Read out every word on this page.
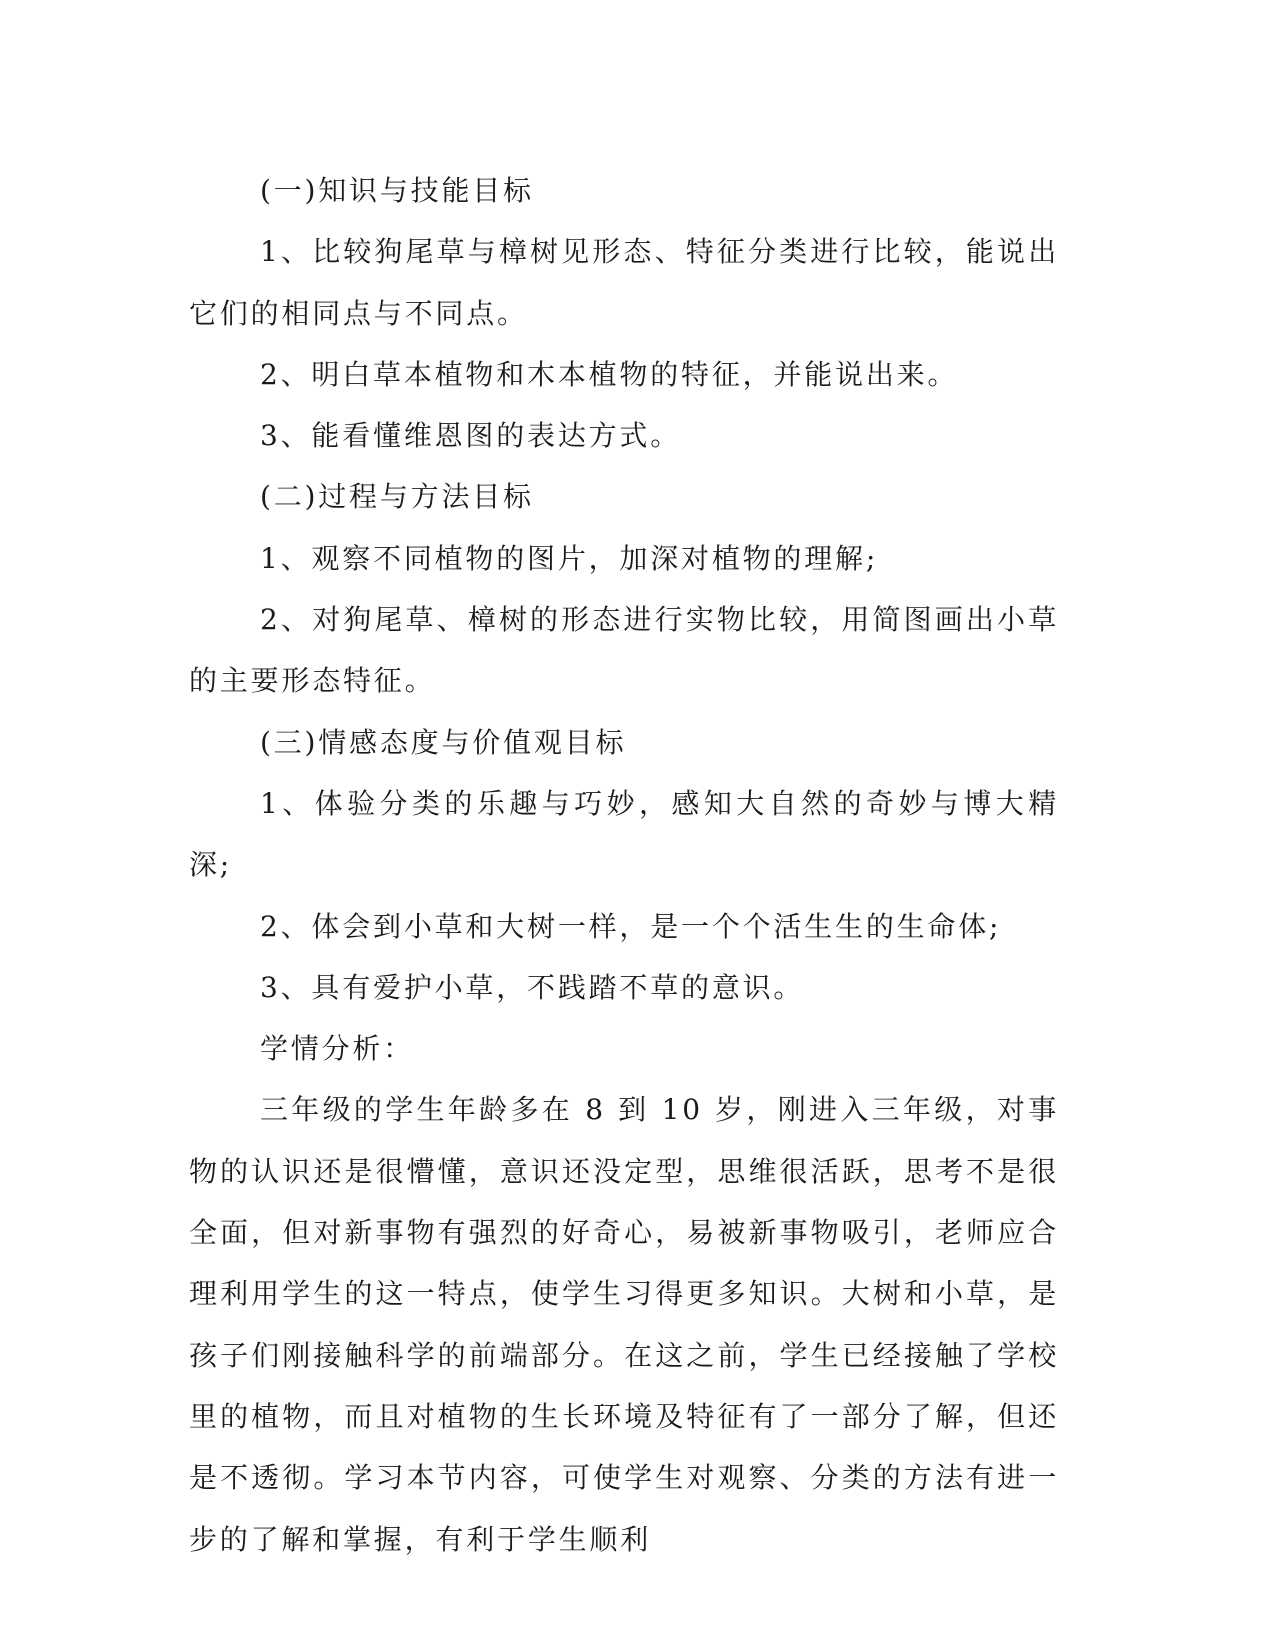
(一)知识与技能目标

1、比较狗尾草与樟树见形态、特征分类进行比较，能说出它们的相同点与不同点。

2、明白草本植物和木本植物的特征，并能说出来。

3、能看懂维恩图的表达方式。

(二)过程与方法目标

1、观察不同植物的图片，加深对植物的理解;

2、对狗尾草、樟树的形态进行实物比较，用简图画出小草的主要形态特征。

(三)情感态度与价值观目标

1、体验分类的乐趣与巧妙，感知大自然的奇妙与博大精深;

2、体会到小草和大树一样，是一个个活生生的生命体;

3、具有爱护小草，不践踏不草的意识。

学情分析：

三年级的学生年龄多在 8 到 10 岁，刚进入三年级，对事物的认识还是很懵懂，意识还没定型，思维很活跃，思考不是很全面，但对新事物有强烈的好奇心，易被新事物吸引，老师应合理利用学生的这一特点，使学生习得更多知识。大树和小草，是孩子们刚接触科学的前端部分。在这之前，学生已经接触了学校里的植物，而且对植物的生长环境及特征有了一部分了解，但还是不透彻。学习本节内容，可使学生对观察、分类的方法有进一步的了解和掌握，有利于学生顺利
